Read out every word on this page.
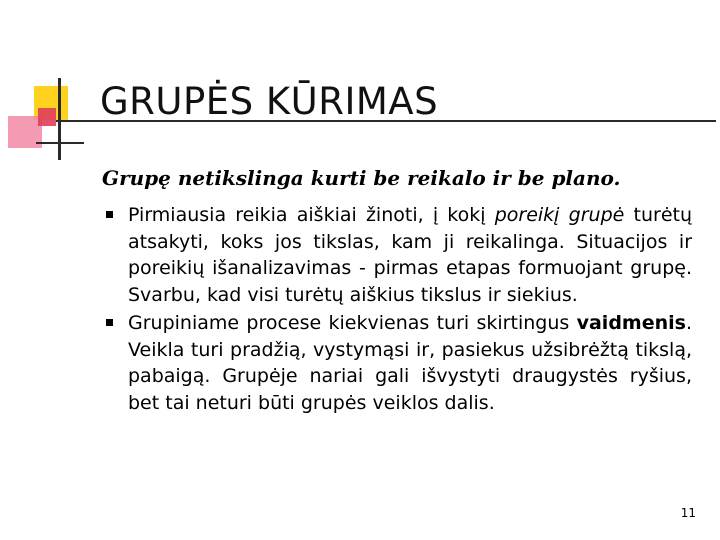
GRUPĖS KŪRIMAS

Grupę netikslinga kurti be reikalo ir be plano.

Pirmiausia reikia aiškiai žinoti, į kokį poreikį grupė turėtų atsakyti, koks jos tikslas, kam ji reikalinga. Situacijos ir poreikių išanalizavimas - pirmas etapas formuojant grupę. Svarbu, kad visi turėtų aiškius tikslus ir siekius.

Grupiniame procese kiekvienas turi skirtingus vaidmenis. Veikla turi pradžią, vystymąsi ir, pasiekus užsibrėžtą tikslą, pabaigą. Grupėje nariai gali išvystyti draugystės ryšius, bet tai neturi būti grupės veiklos dalis.

11
